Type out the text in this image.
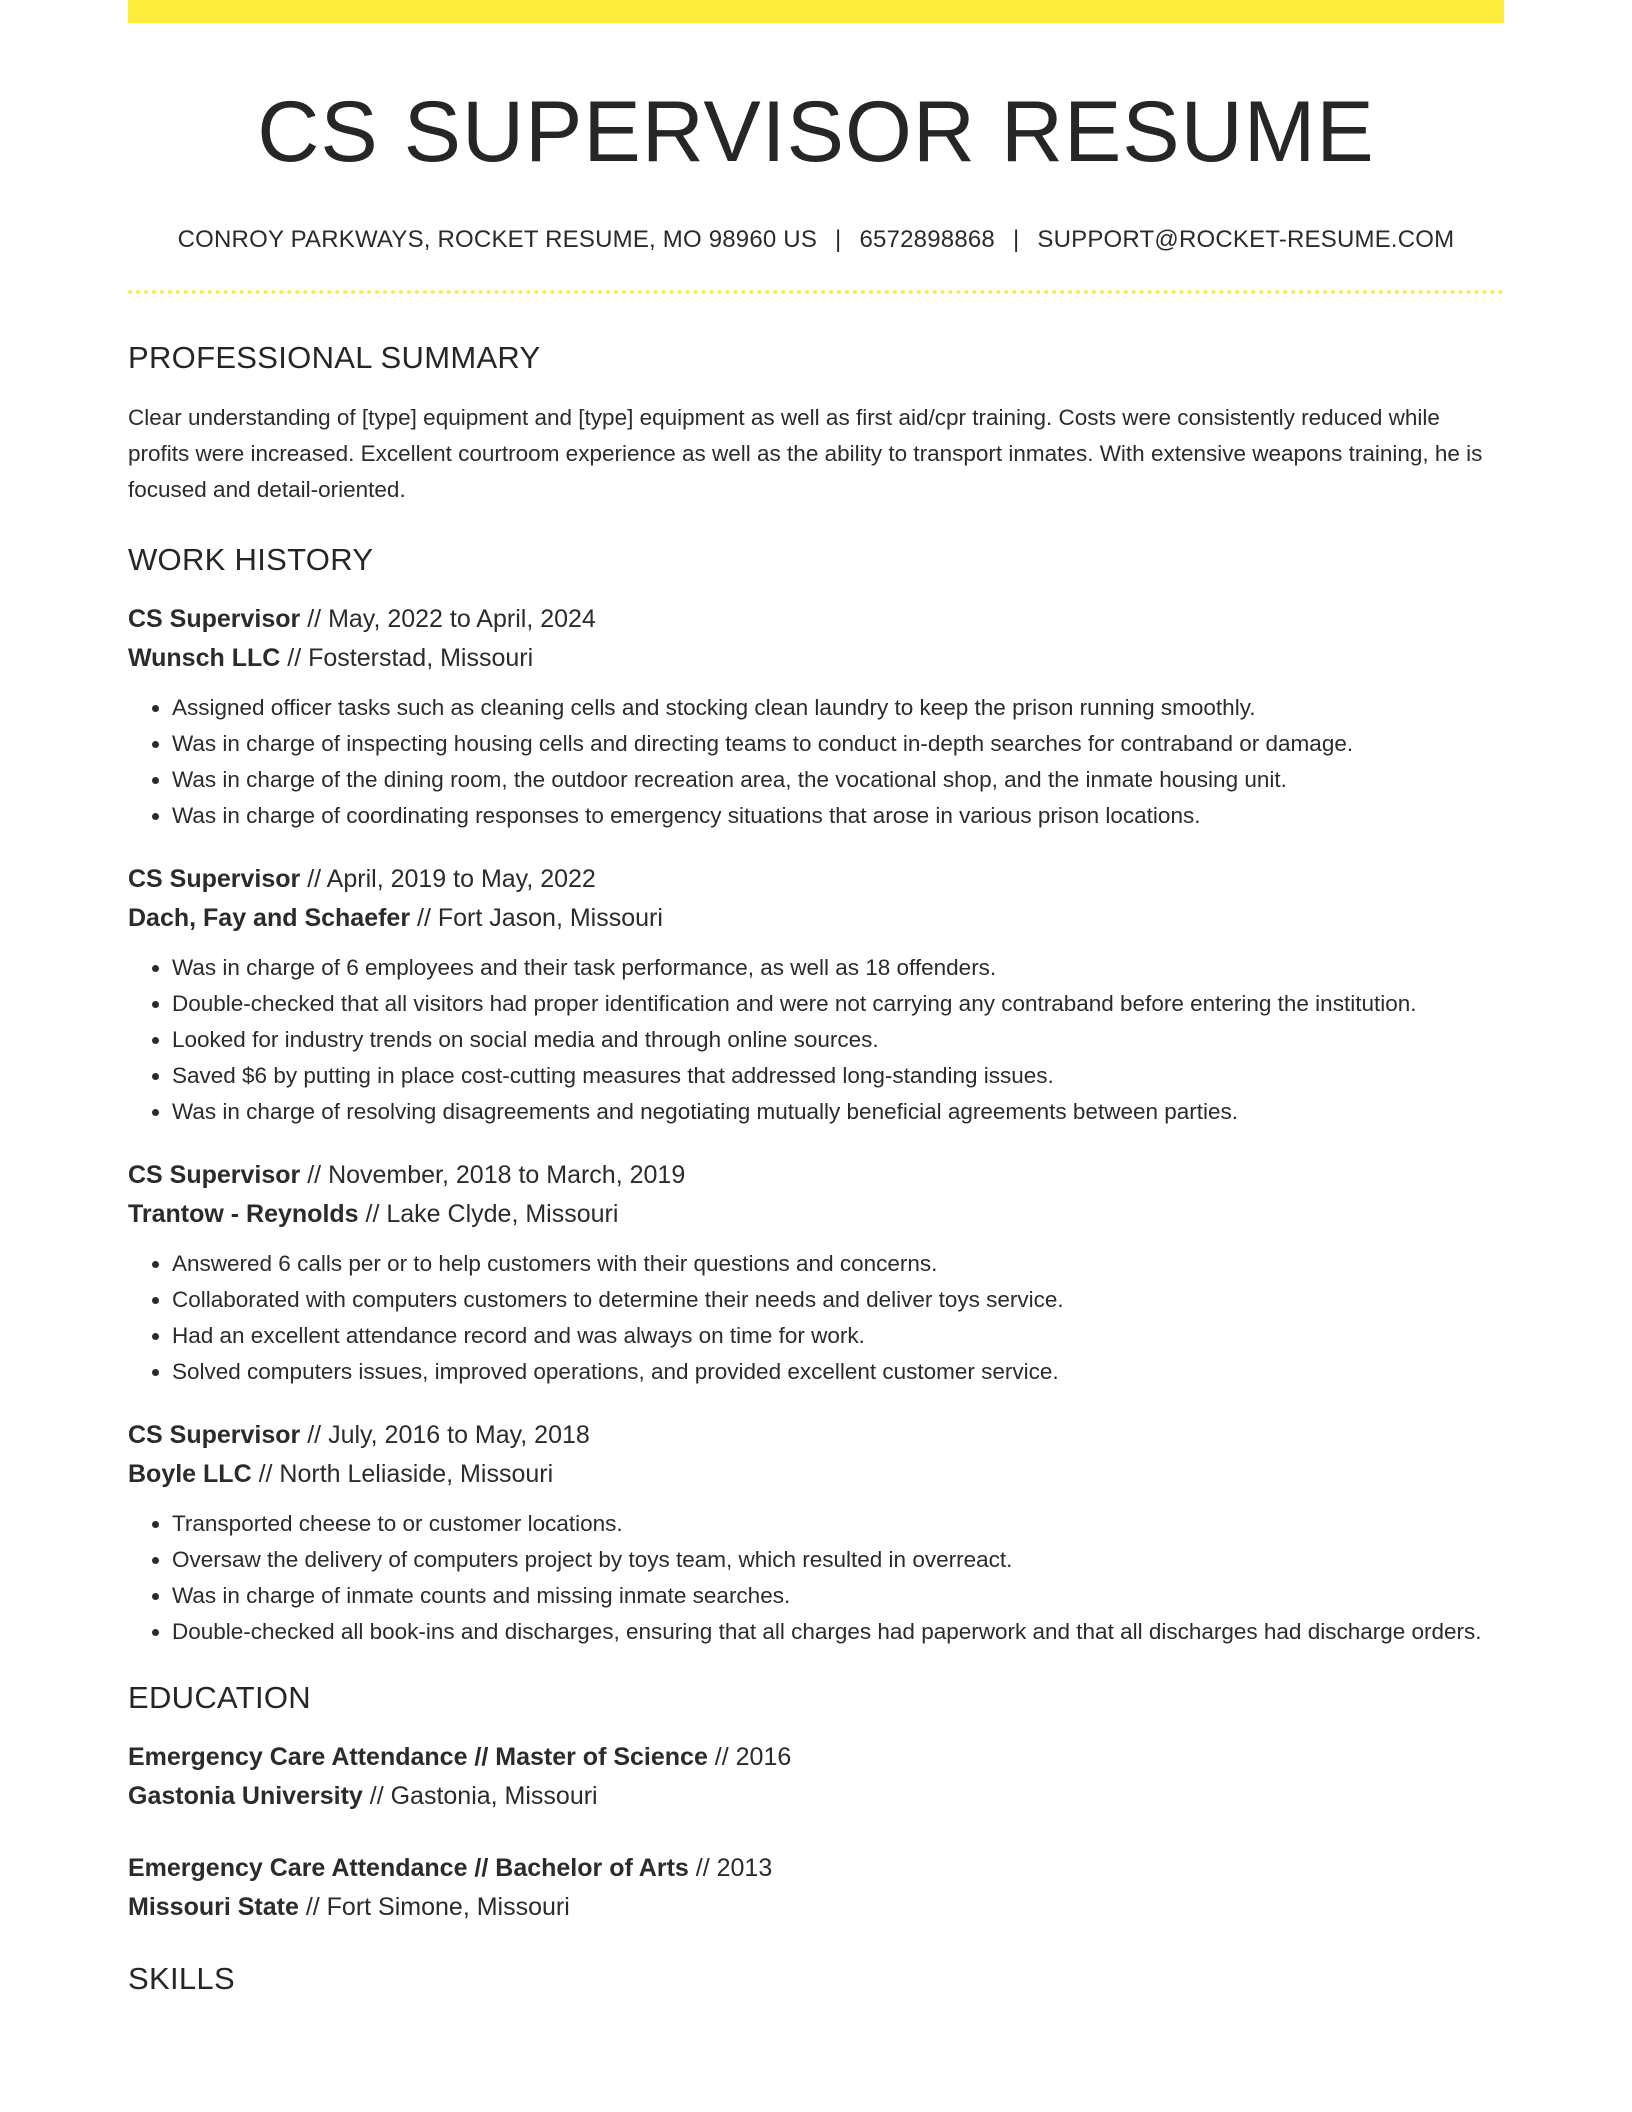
CS SUPERVISOR RESUME
CONROY PARKWAYS, ROCKET RESUME, MO 98960 US | 6572898868 | SUPPORT@ROCKET-RESUME.COM
PROFESSIONAL SUMMARY

Clear understanding of [type] equipment and [type] equipment as well as first aid/cpr training. Costs were consistently reduced while profits were increased. Excellent courtroom experience as well as the ability to transport inmates. With extensive weapons training, he is focused and detail-oriented.

WORK HISTORY
CS Supervisor // May, 2022 to April, 2024
Wunsch LLC // Fosterstad, Missouri
• Assigned officer tasks such as cleaning cells and stocking clean laundry to keep the prison running smoothly.
• Was in charge of inspecting housing cells and directing teams to conduct in-depth searches for contraband or damage.
• Was in charge of the dining room, the outdoor recreation area, the vocational shop, and the inmate housing unit.
• Was in charge of coordinating responses to emergency situations that arose in various prison locations.
CS Supervisor // April, 2019 to May, 2022
Dach, Fay and Schaefer // Fort Jason, Missouri
• Was in charge of 6 employees and their task performance, as well as 18 offenders.
• Double-checked that all visitors had proper identification and were not carrying any contraband before entering the institution.
• Looked for industry trends on social media and through online sources.
• Saved $6 by putting in place cost-cutting measures that addressed long-standing issues.
• Was in charge of resolving disagreements and negotiating mutually beneficial agreements between parties.
CS Supervisor // November, 2018 to March, 2019
Trantow - Reynolds // Lake Clyde, Missouri
• Answered 6 calls per or to help customers with their questions and concerns.
• Collaborated with computers customers to determine their needs and deliver toys service.
• Had an excellent attendance record and was always on time for work.
• Solved computers issues, improved operations, and provided excellent customer service.
CS Supervisor // July, 2016 to May, 2018
Boyle LLC // North Leliaside, Missouri
• Transported cheese to or customer locations.
• Oversaw the delivery of computers project by toys team, which resulted in overreact.
• Was in charge of inmate counts and missing inmate searches.
• Double-checked all book-ins and discharges, ensuring that all charges had paperwork and that all discharges had discharge orders.
EDUCATION
Emergency Care Attendance // Master of Science // 2016
Gastonia University // Gastonia, Missouri
Emergency Care Attendance // Bachelor of Arts // 2013
Missouri State // Fort Simone, Missouri
SKILLS
